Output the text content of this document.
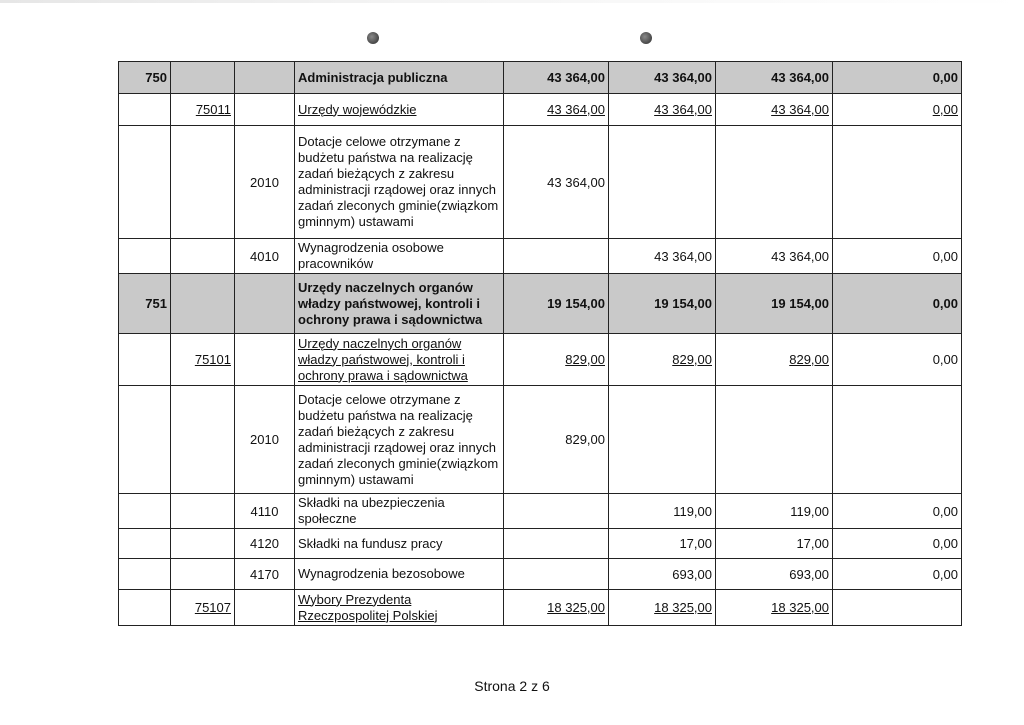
750			Administracja publiczna	43 364,00	43 364,00	43 364,00	0,00
	75011		Urzędy wojewódzkie	43 364,00	43 364,00	43 364,00	0,00
		2010	Dotacje celowe otrzymane z budżetu państwa na realizację zadań bieżących z zakresu administracji rządowej oraz innych zadań zleconych gminie(związkom gminnym) ustawami	43 364,00			
		4010	Wynagrodzenia osobowe pracowników		43 364,00	43 364,00	0,00
751			Urzędy naczelnych organów władzy państwowej, kontroli i ochrony prawa i sądownictwa	19 154,00	19 154,00	19 154,00	0,00
	75101		Urzędy naczelnych organów władzy państwowej, kontroli i ochrony prawa i sądownictwa	829,00	829,00	829,00	0,00
		2010	Dotacje celowe otrzymane z budżetu państwa na realizację zadań bieżących z zakresu administracji rządowej oraz innych zadań zleconych gminie(związkom gminnym) ustawami	829,00			
		4110	Składki na ubezpieczenia społeczne		119,00	119,00	0,00
		4120	Składki na fundusz pracy		17,00	17,00	0,00
		4170	Wynagrodzenia bezosobowe		693,00	693,00	0,00
	75107		Wybory Prezydenta Rzeczpospolitej Polskiej	18 325,00	18 325,00	18 325,00	
Strona 2 z 6
